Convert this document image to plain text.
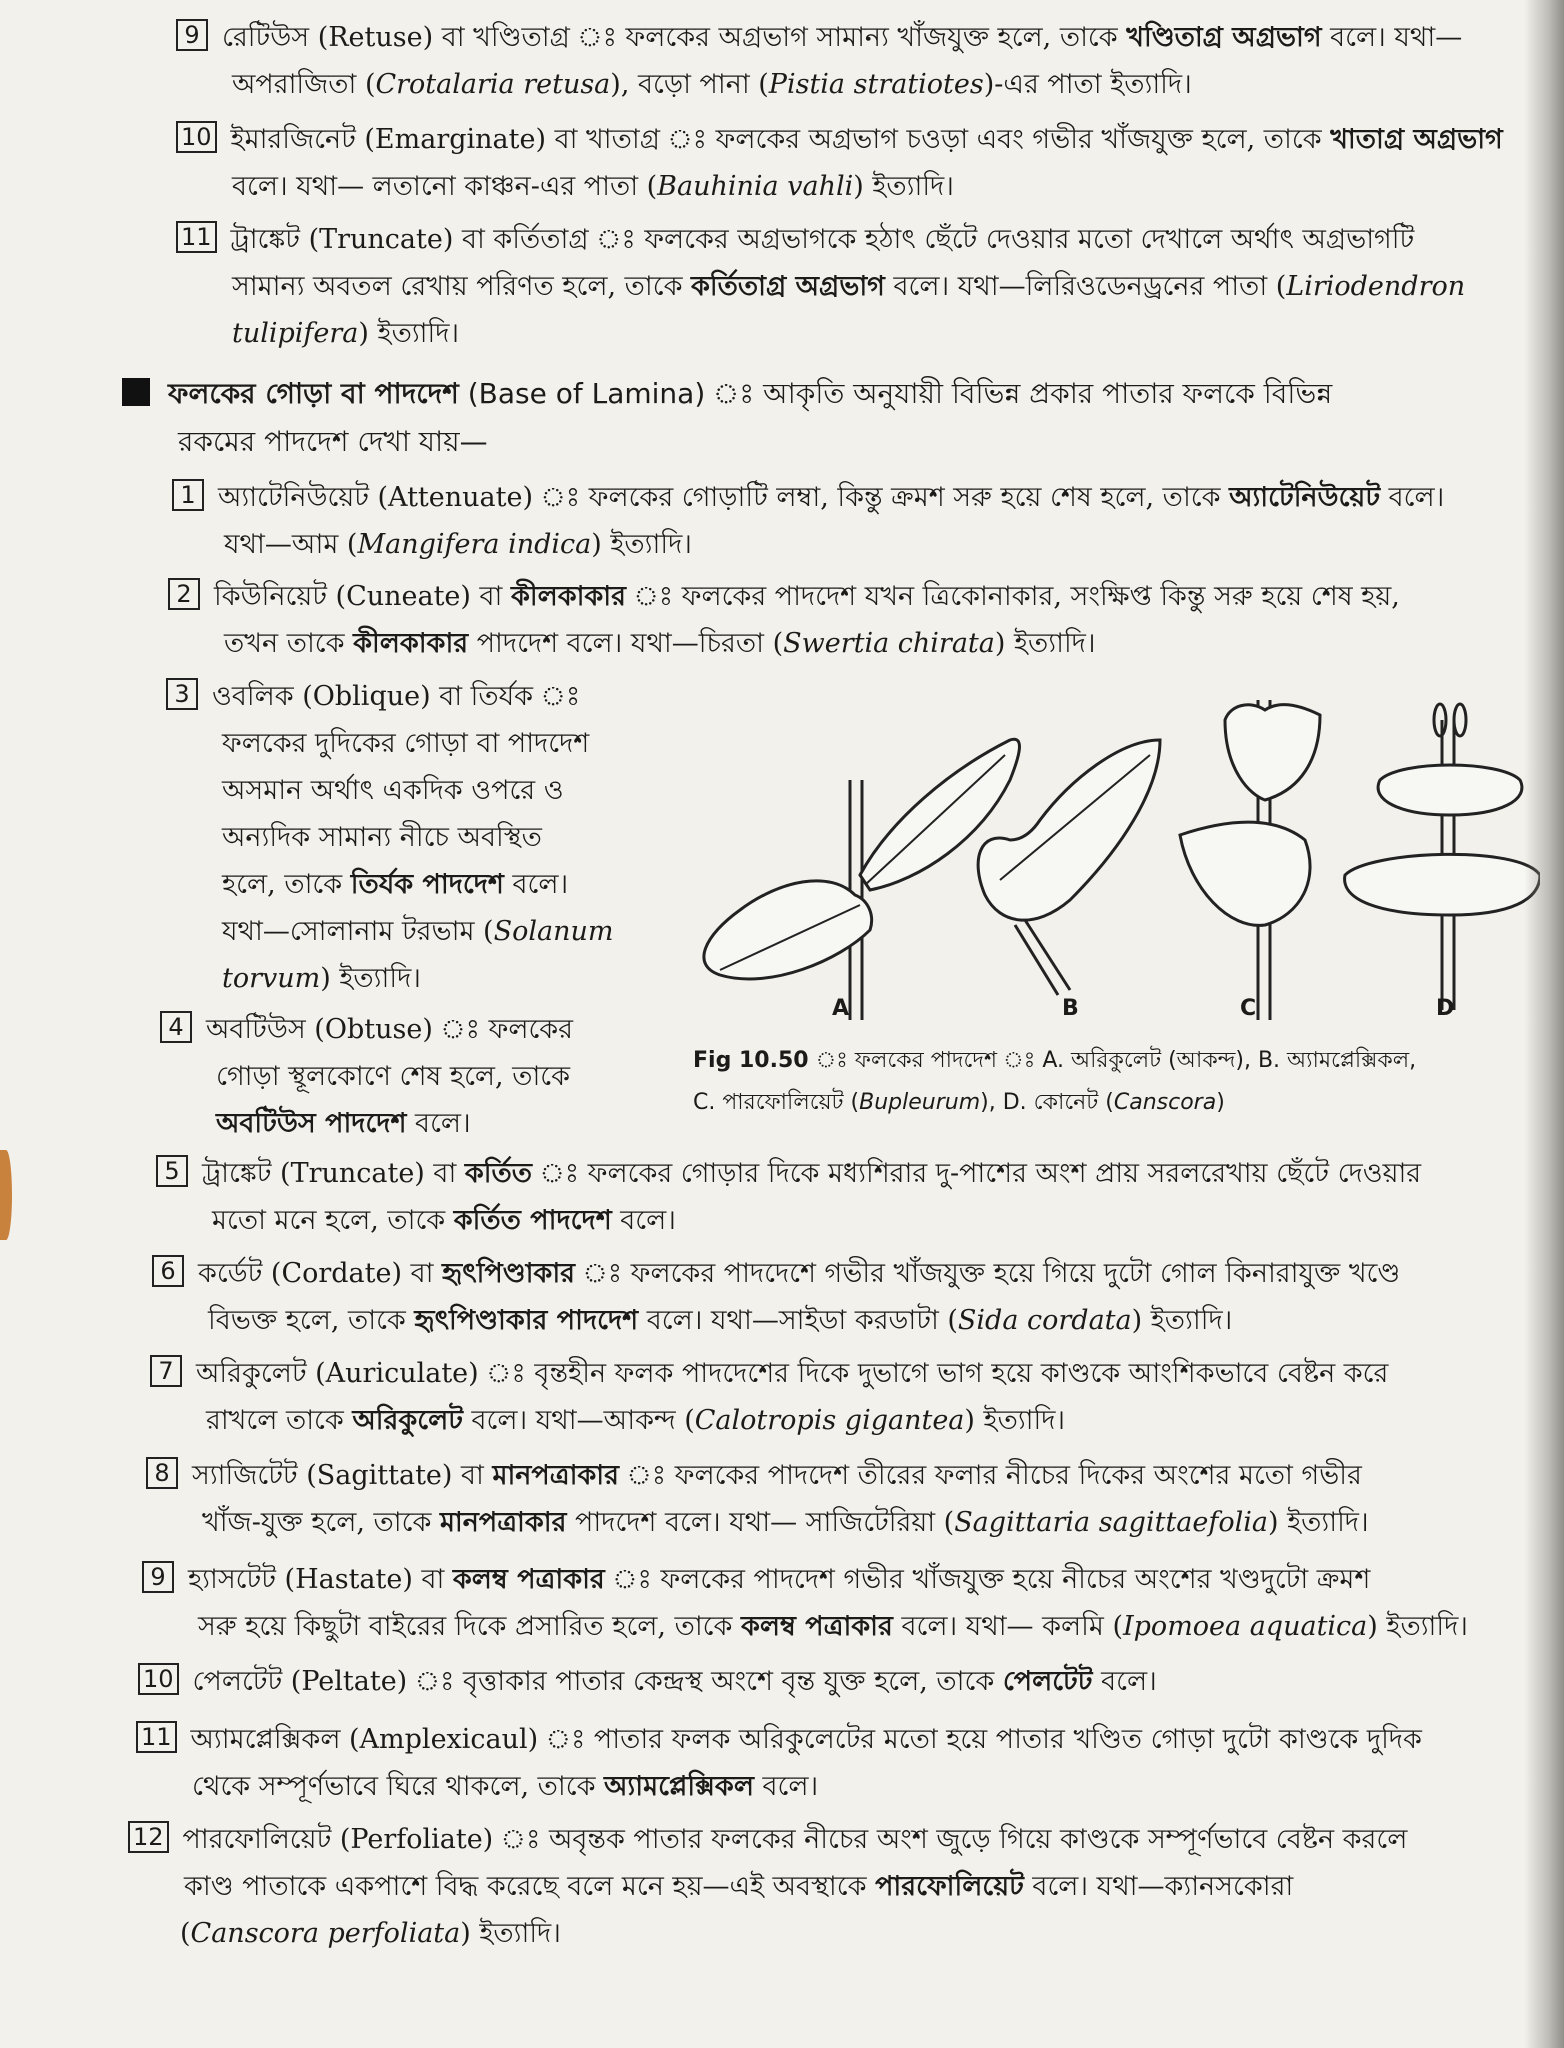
9 রেটিউস (Retuse) বা খণ্ডিতাগ্র ঃ ফলকের অগ্রভাগ সামান্য খাঁজযুক্ত হলে, তাকে খণ্ডিতাগ্র অগ্রভাগ বলে। যথা—
অপরাজিতা (Crotalaria retusa), বড়ো পানা (Pistia stratiotes)-এর পাতা ইত্যাদি।
10 ইমারজিনেট (Emarginate) বা খাতাগ্র ঃ ফলকের অগ্রভাগ চওড়া এবং গভীর খাঁজযুক্ত হলে, তাকে খাতাগ্র অগ্রভাগ
বলে। যথা— লতানো কাঞ্চন-এর পাতা (Bauhinia vahli) ইত্যাদি।
11 ট্রাঙ্কেট (Truncate) বা কর্তিতাগ্র ঃ ফলকের অগ্রভাগকে হঠাৎ ছেঁটে দেওয়ার মতো দেখালে অর্থাৎ অগ্রভাগটি
সামান্য অবতল রেখায় পরিণত হলে, তাকে কর্তিতাগ্র অগ্রভাগ বলে। যথা—লিরিওডেনড্রনের পাতা (Liriodendron
tulipifera) ইত্যাদি।
ফলকের গোড়া বা পাদদেশ (Base of Lamina) ঃ আকৃতি অনুযায়ী বিভিন্ন প্রকার পাতার ফলকে বিভিন্ন
রকমের পাদদেশ দেখা যায়—
1 অ্যাটেনিউয়েট (Attenuate) ঃ ফলকের গোড়াটি লম্বা, কিন্তু ক্রমশ সরু হয়ে শেষ হলে, তাকে অ্যাটেনিউয়েট বলে।
যথা—আম (Mangifera indica) ইত্যাদি।
2 কিউনিয়েট (Cuneate) বা কীলকাকার ঃ ফলকের পাদদেশ যখন ত্রিকোনাকার, সংক্ষিপ্ত কিন্তু সরু হয়ে শেষ হয়,
তখন তাকে কীলকাকার পাদদেশ বলে। যথা—চিরতা (Swertia chirata) ইত্যাদি।
3 ওবলিক (Oblique) বা তির্যক ঃ
ফলকের দুদিকের গোড়া বা পাদদেশ
অসমান অর্থাৎ একদিক ওপরে ও
অন্যদিক সামান্য নীচে অবস্থিত
হলে, তাকে তির্যক পাদদেশ বলে।
যথা—সোলানাম টরভাম (Solanum
torvum) ইত্যাদি।
4 অবটিউস (Obtuse) ঃ ফলকের
গোড়া স্থূলকোণে শেষ হলে, তাকে
অবটিউস পাদদেশ বলে।
A	B	C	D
Fig 10.50 ঃ ফলকের পাদদেশ ঃ A. অরিকুলেট (আকন্দ), B. অ্যামপ্লেক্সিকল,
C. পারফোলিয়েট (Bupleurum), D. কোনেট (Canscora)
5 ট্রাঙ্কেট (Truncate) বা কর্তিত ঃ ফলকের গোড়ার দিকে মধ্যশিরার দু-পাশের অংশ প্রায় সরলরেখায় ছেঁটে দেওয়ার
মতো মনে হলে, তাকে কর্তিত পাদদেশ বলে।
6 কর্ডেট (Cordate) বা হৃৎপিণ্ডাকার ঃ ফলকের পাদদেশে গভীর খাঁজযুক্ত হয়ে গিয়ে দুটো গোল কিনারাযুক্ত খণ্ডে
বিভক্ত হলে, তাকে হৃৎপিণ্ডাকার পাদদেশ বলে। যথা—সাইডা করডাটা (Sida cordata) ইত্যাদি।
7 অরিকুলেট (Auriculate) ঃ বৃন্তহীন ফলক পাদদেশের দিকে দুভাগে ভাগ হয়ে কাণ্ডকে আংশিকভাবে বেষ্টন করে
রাখলে তাকে অরিকুলেট বলে। যথা—আকন্দ (Calotropis gigantea) ইত্যাদি।
8 স্যাজিটেট (Sagittate) বা মানপত্রাকার ঃ ফলকের পাদদেশ তীরের ফলার নীচের দিকের অংশের মতো গভীর
খাঁজ-যুক্ত হলে, তাকে মানপত্রাকার পাদদেশ বলে। যথা— সাজিটেরিয়া (Sagittaria sagittaefolia) ইত্যাদি।
9 হ্যাসটেট (Hastate) বা কলম্ব পত্রাকার ঃ ফলকের পাদদেশ গভীর খাঁজযুক্ত হয়ে নীচের অংশের খণ্ডদুটো ক্রমশ
সরু হয়ে কিছুটা বাইরের দিকে প্রসারিত হলে, তাকে কলম্ব পত্রাকার বলে। যথা— কলমি (Ipomoea aquatica) ইত্যাদি।
10 পেলটেট (Peltate) ঃ বৃত্তাকার পাতার কেন্দ্রস্থ অংশে বৃন্ত যুক্ত হলে, তাকে পেলটেট বলে।
11 অ্যামপ্লেক্সিকল (Amplexicaul) ঃ পাতার ফলক অরিকুলেটের মতো হয়ে পাতার খণ্ডিত গোড়া দুটো কাণ্ডকে দুদিক
থেকে সম্পূর্ণভাবে ঘিরে থাকলে, তাকে অ্যামপ্লেক্সিকল বলে।
12 পারফোলিয়েট (Perfoliate) ঃ অবৃন্তক পাতার ফলকের নীচের অংশ জুড়ে গিয়ে কাণ্ডকে সম্পূর্ণভাবে বেষ্টন করলে
কাণ্ড পাতাকে একপাশে বিদ্ধ করেছে বলে মনে হয়—এই অবস্থাকে পারফোলিয়েট বলে। যথা—ক্যানসকোরা
(Canscora perfoliata) ইত্যাদি।
